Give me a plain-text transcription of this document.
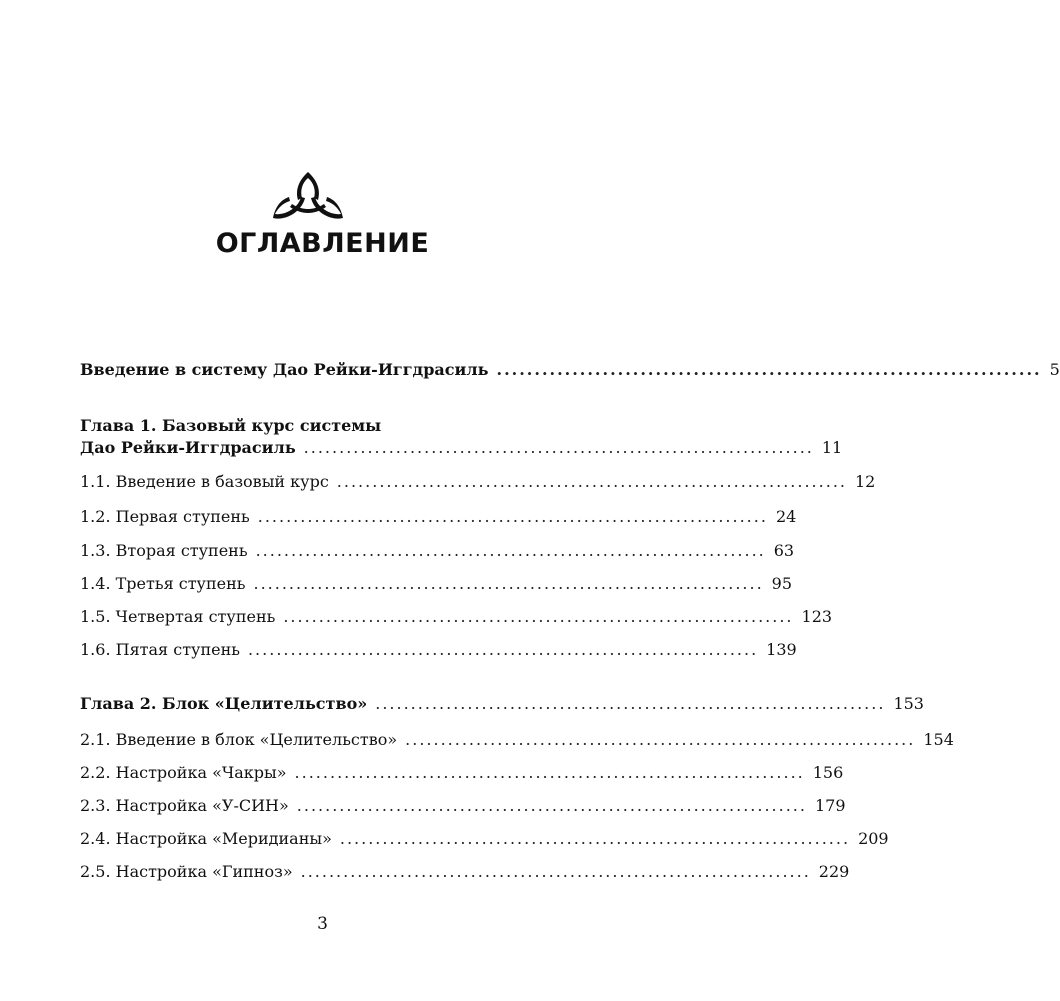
ОГЛАВЛЕНИЕ
Введение в систему Дао Рейки-Иггдрасиль ........................................................................ 5
Глава 1. Базовый курс системы
Дао Рейки-Иггдрасиль ........................................................................ 11
1.1. Введение в базовый курс ........................................................................ 12
1.2. Первая ступень ........................................................................ 24
1.3. Вторая ступень ........................................................................ 63
1.4. Третья ступень ........................................................................ 95
1.5. Четвертая ступень ........................................................................ 123
1.6. Пятая ступень ........................................................................ 139
Глава 2. Блок «Целительство» ........................................................................ 153
2.1. Введение в блок «Целительство» ........................................................................ 154
2.2. Настройка «Чакры» ........................................................................ 156
2.3. Настройка «У-СИН» ........................................................................ 179
2.4. Настройка «Меридианы» ........................................................................ 209
2.5. Настройка «Гипноз» ........................................................................ 229
3
